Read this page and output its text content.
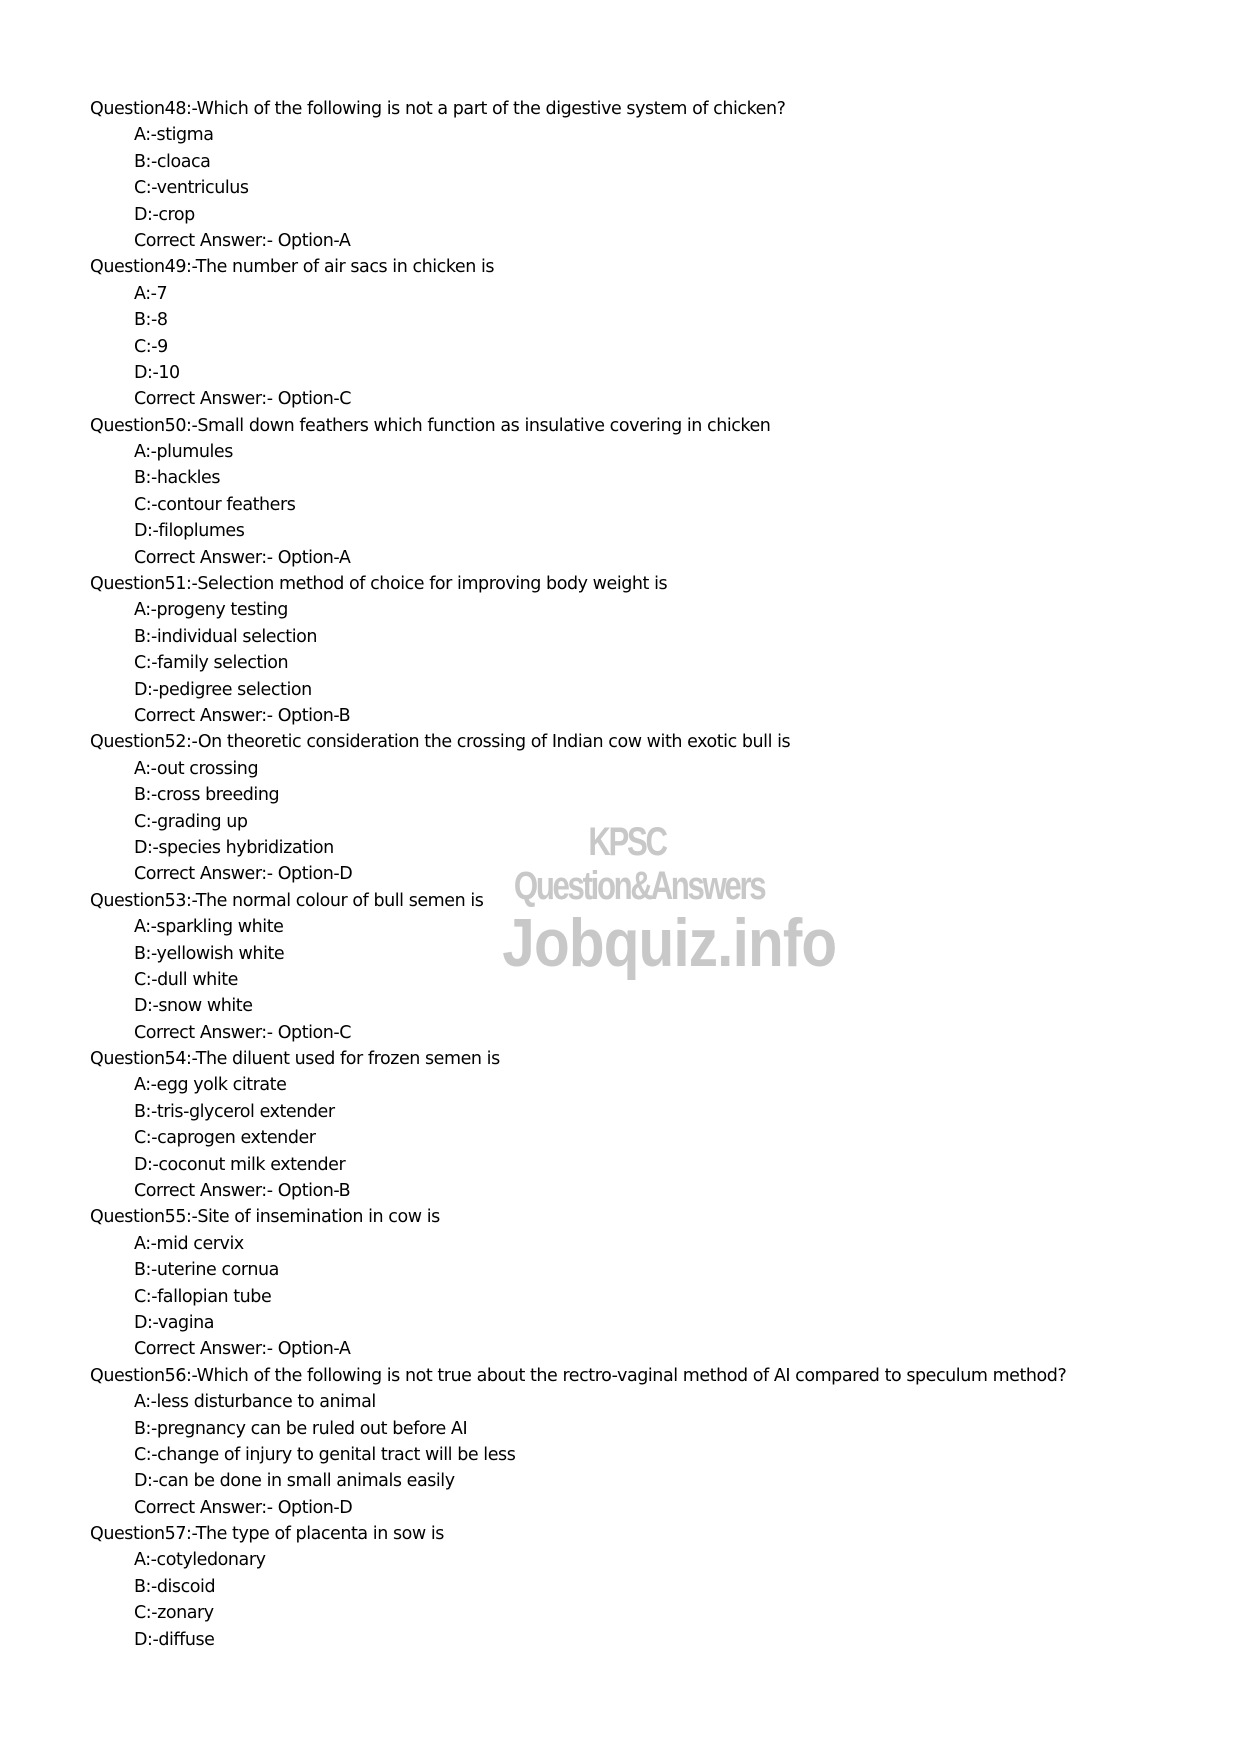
Question48:-Which of the following is not a part of the digestive system of chicken?
A:-stigma
B:-cloaca
C:-ventriculus
D:-crop
Correct Answer:- Option-A
Question49:-The number of air sacs in chicken is
A:-7
B:-8
C:-9
D:-10
Correct Answer:- Option-C
Question50:-Small down feathers which function as insulative covering in chicken
A:-plumules
B:-hackles
C:-contour feathers
D:-filoplumes
Correct Answer:- Option-A
Question51:-Selection method of choice for improving body weight is
A:-progeny testing
B:-individual selection
C:-family selection
D:-pedigree selection
Correct Answer:- Option-B
Question52:-On theoretic consideration the crossing of Indian cow with exotic bull is
A:-out crossing
B:-cross breeding
C:-grading up
D:-species hybridization
Correct Answer:- Option-D
Question53:-The normal colour of bull semen is
A:-sparkling white
B:-yellowish white
C:-dull white
D:-snow white
Correct Answer:- Option-C
Question54:-The diluent used for frozen semen is
A:-egg yolk citrate
B:-tris-glycerol extender
C:-caprogen extender
D:-coconut milk extender
Correct Answer:- Option-B
Question55:-Site of insemination in cow is
A:-mid cervix
B:-uterine cornua
C:-fallopian tube
D:-vagina
Correct Answer:- Option-A
Question56:-Which of the following is not true about the rectro-vaginal method of AI compared to speculum method?
A:-less disturbance to animal
B:-pregnancy can be ruled out before AI
C:-change of injury to genital tract will be less
D:-can be done in small animals easily
Correct Answer:- Option-D
Question57:-The type of placenta in sow is
A:-cotyledonary
B:-discoid
C:-zonary
D:-diffuse
KPSC Question&Answers
Jobquiz.info
